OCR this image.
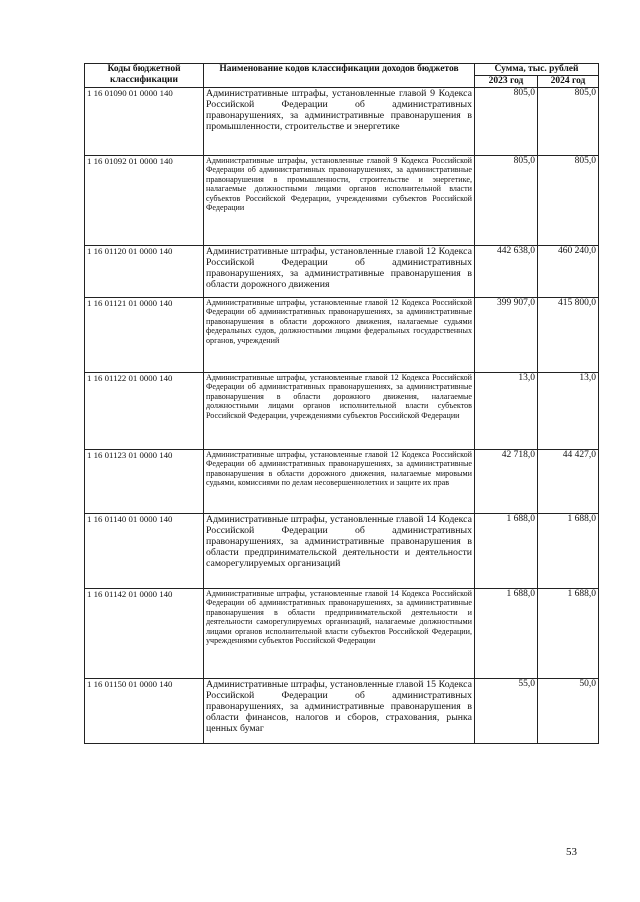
Коды бюджетной классификации	Наименование кодов классификации доходов бюджетов	Сумма, тыс. рублей	
		2023 год	2024 год
1 16 01090 01 0000 140	Административные штрафы, установленные главой 9 Кодекса Российской Федерации об административных правонарушениях, за административные правонарушения в промышленности, строительстве и энергетике	805,0	805,0
1 16 01092 01 0000 140	Административные штрафы, установленные главой 9 Кодекса Российской Федерации об административных правонарушениях, за административные правонарушения в промышленности, строительстве и энергетике, налагаемые должностными лицами органов исполнительной власти субъектов Российской Федерации, учреждениями субъектов Российской Федерации	805,0	805,0
1 16 01120 01 0000 140	Административные штрафы, установленные главой 12 Кодекса Российской Федерации об административных правонарушениях, за административные правонарушения в области дорожного движения	442 638,0	460 240,0
1 16 01121 01 0000 140	Административные штрафы, установленные главой 12 Кодекса Российской Федерации об административных правонарушениях, за административные правонарушения в области дорожного движения, налагаемые судьями федеральных судов, должностными лицами федеральных государственных органов, учреждений	399 907,0	415 800,0
1 16 01122 01 0000 140	Административные штрафы, установленные главой 12 Кодекса Российской Федерации об административных правонарушениях, за административные правонарушения в области дорожного движения, налагаемые должностными лицами органов исполнительной власти субъектов Российской Федерации, учреждениями субъектов Российской Федерации	13,0	13,0
1 16 01123 01 0000 140	Административные штрафы, установленные главой 12 Кодекса Российской Федерации об административных правонарушениях, за административные правонарушения в области дорожного движения, налагаемые мировыми судьями, комиссиями по делам несовершеннолетних и защите их прав	42 718,0	44 427,0
1 16 01140 01 0000 140	Административные штрафы, установленные главой 14 Кодекса Российской Федерации об административных правонарушениях, за административные правонарушения в области предпринимательской деятельности и деятельности саморегулируемых организаций	1 688,0	1 688,0
1 16 01142 01 0000 140	Административные штрафы, установленные главой 14 Кодекса Российской Федерации об административных правонарушениях, за административные правонарушения в области предпринимательской деятельности и деятельности саморегулируемых организаций, налагаемые должностными лицами органов исполнительной власти субъектов Российской Федерации, учреждениями субъектов Российской Федерации	1 688,0	1 688,0
1 16 01150 01 0000 140	Административные штрафы, установленные главой 15 Кодекса Российской Федерации об административных правонарушениях, за административные правонарушения в области финансов, налогов и сборов, страхования, рынка ценных бумаг	55,0	50,0
53
